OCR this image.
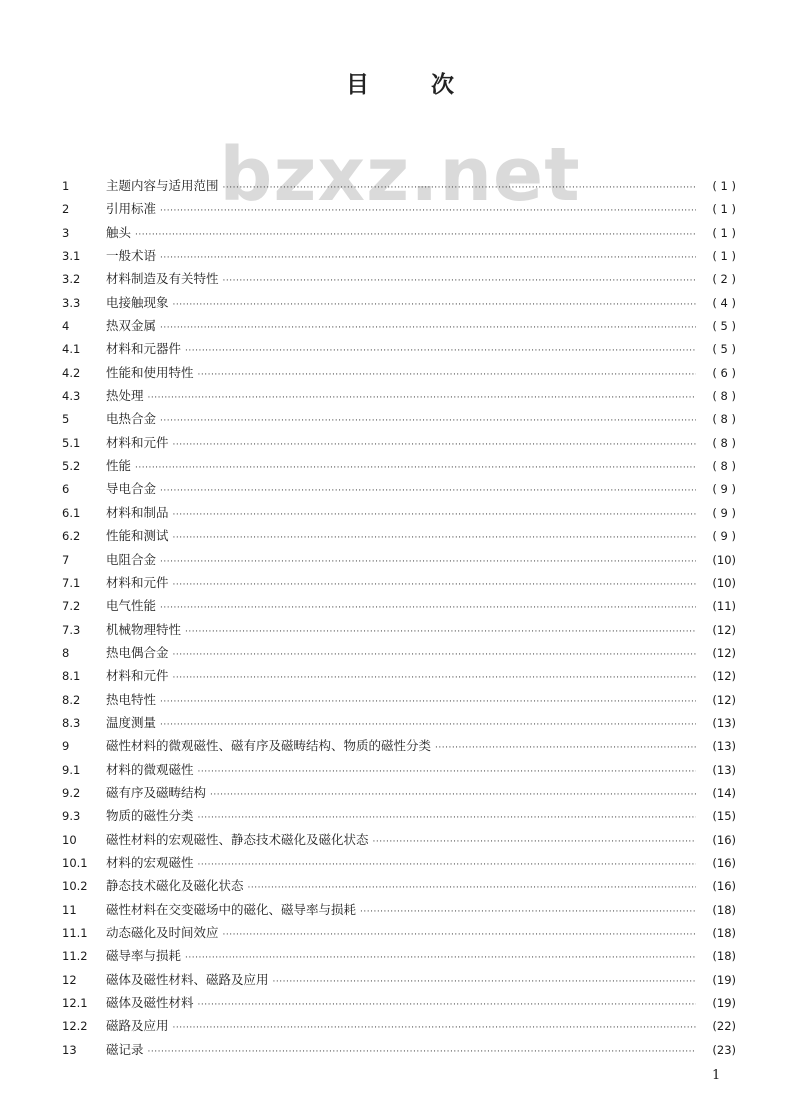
bzxz.net
目次
1	主题内容与适用范围 ·····	( 1 )
2	引用标准 ·····	( 1 )
3	触头 ·····	( 1 )
3.1	一般术语 ·····	( 1 )
3.2	材料制造及有关特性 ·····	( 2 )
3.3	电接触现象 ·····	( 4 )
4	热双金属 ·····	( 5 )
4.1	材料和元器件 ·····	( 5 )
4.2	性能和使用特性 ·····	( 6 )
4.3	热处理 ·····	( 8 )
5	电热合金 ·····	( 8 )
5.1	材料和元件 ·····	( 8 )
5.2	性能 ·····	( 8 )
6	导电合金 ·····	( 9 )
6.1	材料和制品 ·····	( 9 )
6.2	性能和测试 ·····	( 9 )
7	电阻合金 ·····	(10)
7.1	材料和元件 ·····	(10)
7.2	电气性能 ·····	(11)
7.3	机械物理特性 ·····	(12)
8	热电偶合金 ·····	(12)
8.1	材料和元件 ·····	(12)
8.2	热电特性 ·····	(12)
8.3	温度测量 ·····	(13)
9	磁性材料的微观磁性、磁有序及磁畴结构、物质的磁性分类 ·····	(13)
9.1	材料的微观磁性 ·····	(13)
9.2	磁有序及磁畴结构 ·····	(14)
9.3	物质的磁性分类 ·····	(15)
10	磁性材料的宏观磁性、静态技术磁化及磁化状态 ·····	(16)
10.1	材料的宏观磁性 ·····	(16)
10.2	静态技术磁化及磁化状态 ·····	(16)
11	磁性材料在交变磁场中的磁化、磁导率与损耗 ·····	(18)
11.1	动态磁化及时间效应 ·····	(18)
11.2	磁导率与损耗 ·····	(18)
12	磁体及磁性材料、磁路及应用 ·····	(19)
12.1	磁体及磁性材料 ·····	(19)
12.2	磁路及应用 ·····	(22)
13	磁记录 ·····	(23)
1
